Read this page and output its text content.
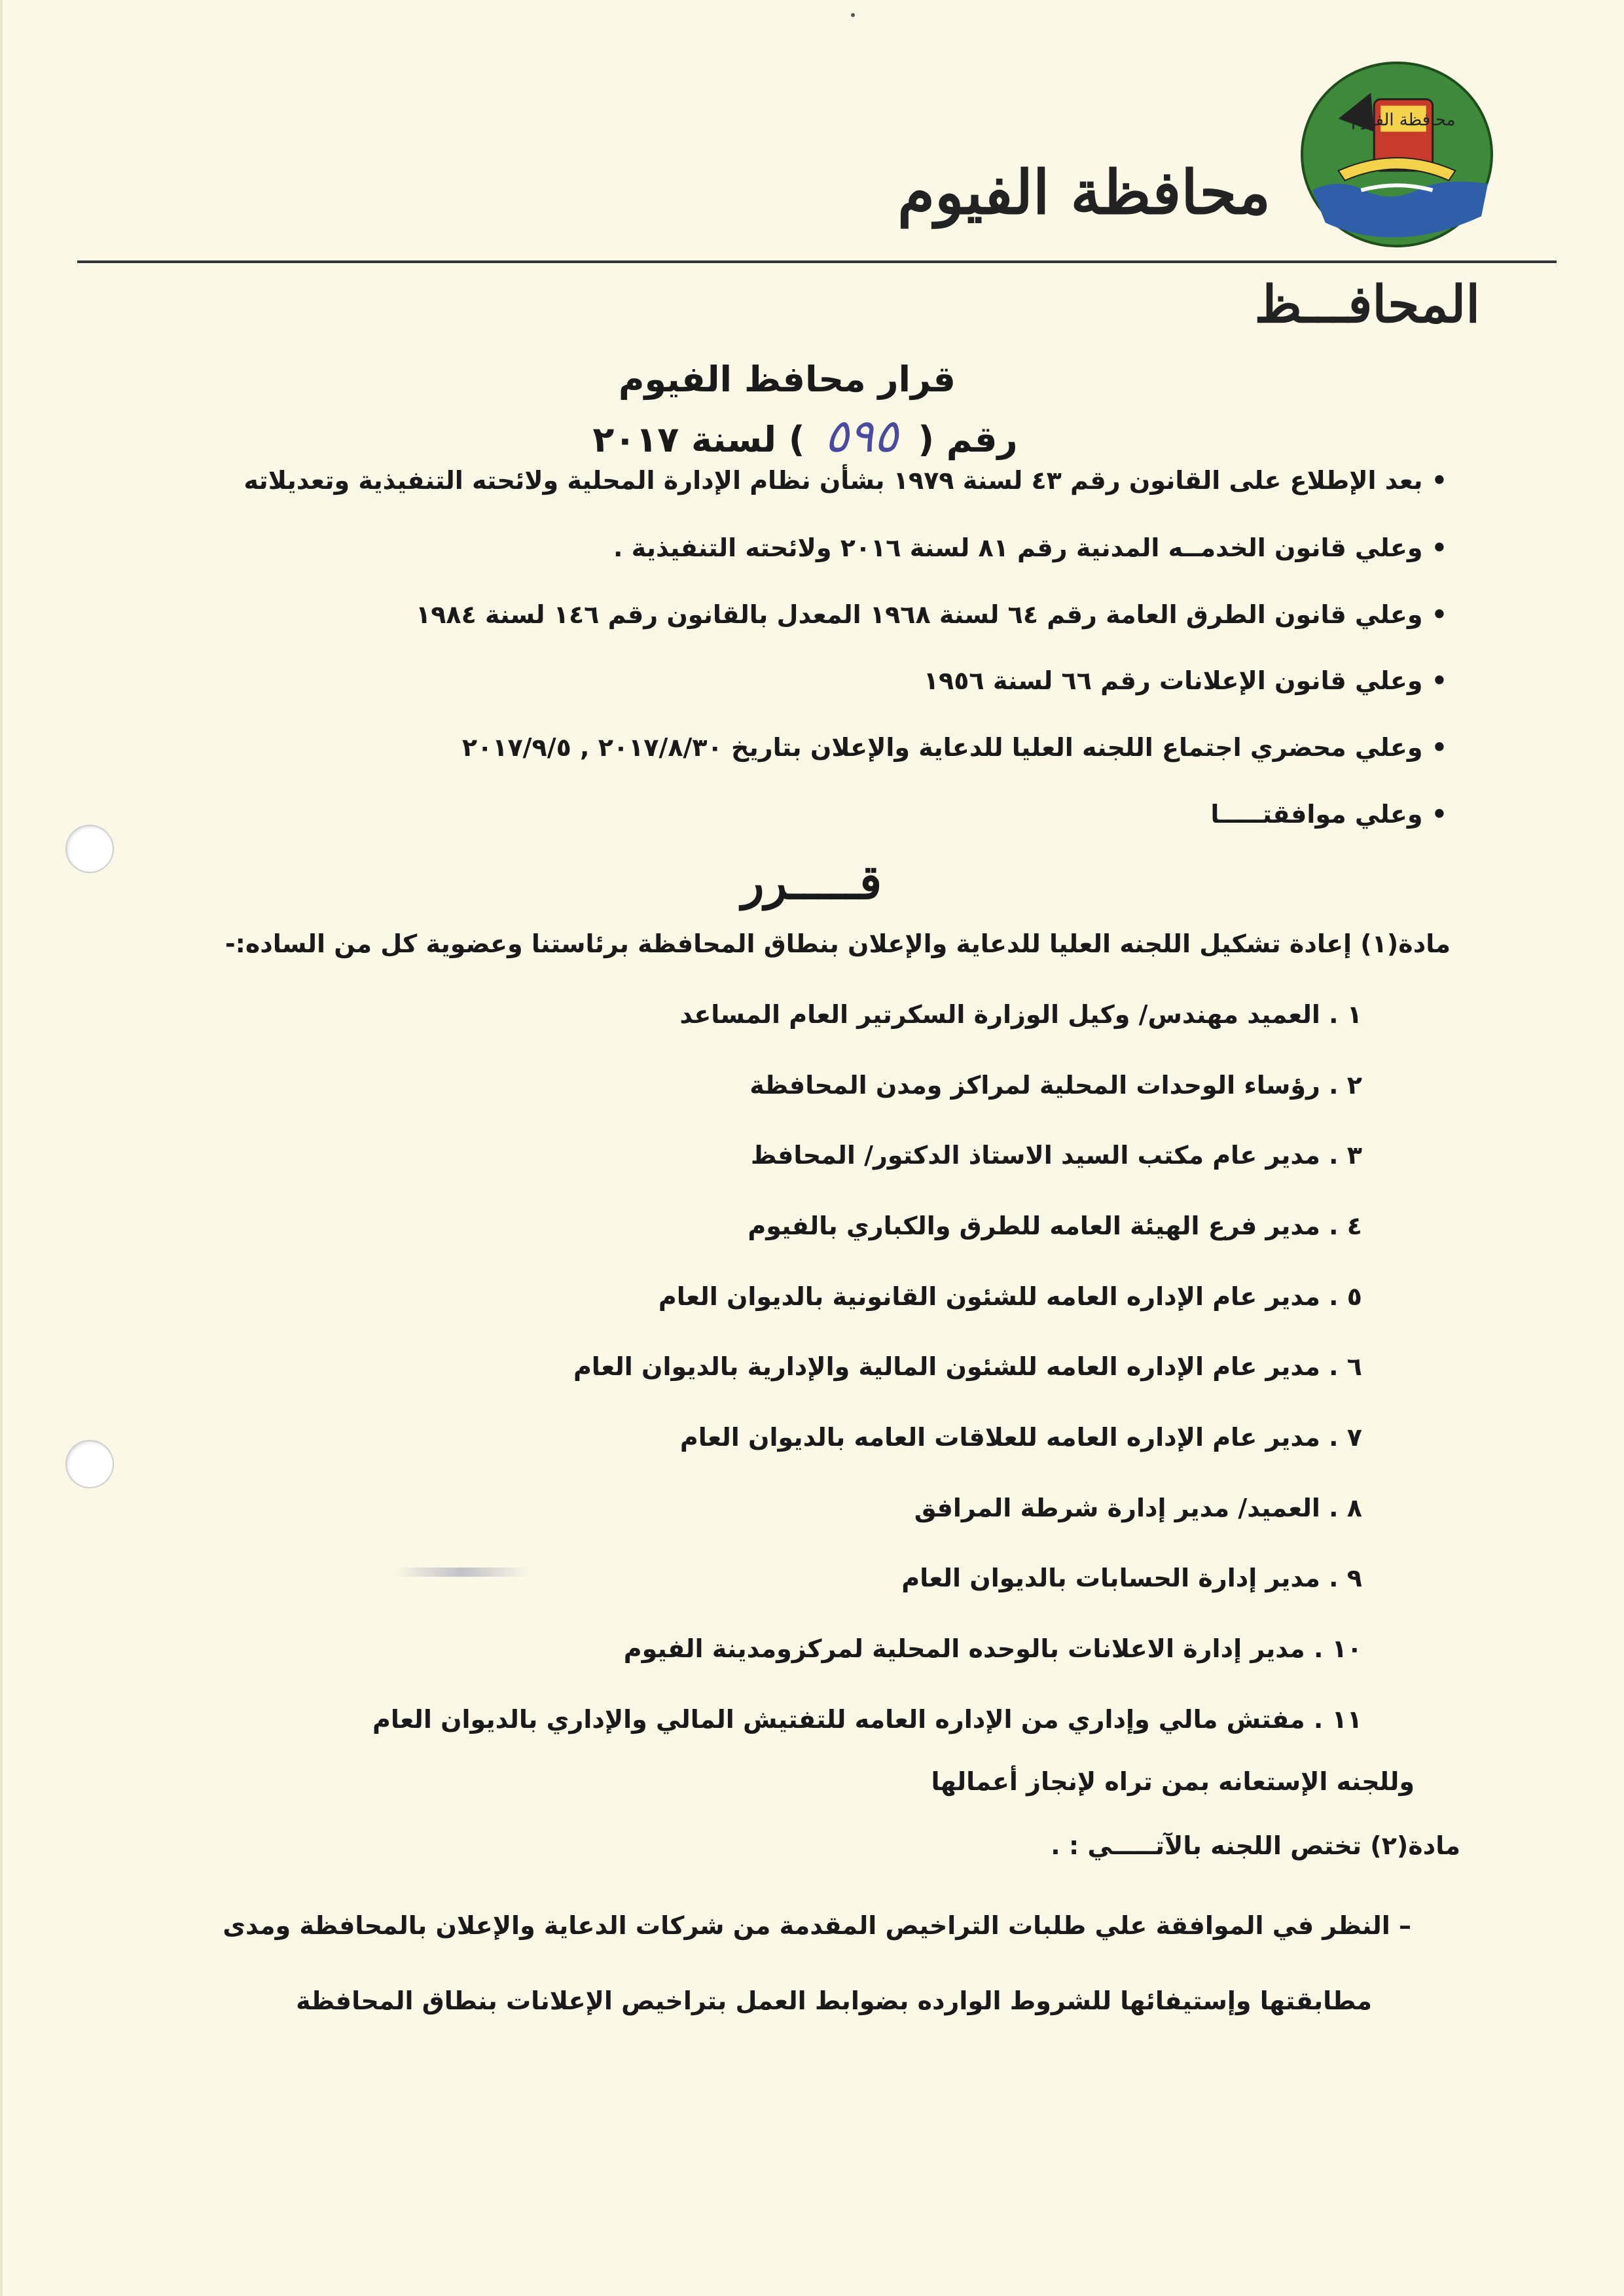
محافظة الفيوم
محافظة الفيوم
المحافـــظ
قرار محافظ الفيوم
رقم (٥٩٥) لسنة ٢٠١٧
• بعد الإطلاع على القانون رقم ٤٣ لسنة ١٩٧٩ بشأن نظام الإدارة المحلية ولائحته التنفيذية وتعديلاته
• وعلي قانون الخدمــه المدنية رقم ٨١ لسنة ٢٠١٦ ولائحته التنفيذية .
• وعلي قانون الطرق العامة رقم ٦٤ لسنة ١٩٦٨ المعدل بالقانون رقم ١٤٦ لسنة ١٩٨٤
• وعلي قانون الإعلانات رقم ٦٦ لسنة ١٩٥٦
• وعلي محضري اجتماع اللجنه العليا للدعاية والإعلان بتاريخ ٢٠١٧/٨/٣٠ , ٢٠١٧/٩/٥
• وعلي موافقتـــــا
قـــــرر
مادة(١) إعادة تشكيل اللجنه العليا للدعاية والإعلان بنطاق المحافظة برئاستنا وعضوية كل من الساده:-
١ . العميد مهندس/ وكيل الوزارة السكرتير العام المساعد
٢ . رؤساء الوحدات المحلية لمراكز ومدن المحافظة
٣ . مدير عام مكتب السيد الاستاذ الدكتور/ المحافظ
٤ . مدير فرع الهيئة العامه للطرق والكباري بالفيوم
٥ . مدير عام الإداره العامه للشئون القانونية بالديوان العام
٦ . مدير عام الإداره العامه للشئون المالية والإدارية بالديوان العام
٧ . مدير عام الإداره العامه للعلاقات العامه بالديوان العام
٨ . العميد/ مدير إدارة شرطة المرافق
٩ . مدير إدارة الحسابات بالديوان العام
١٠ . مدير إدارة الاعلانات بالوحده المحلية لمركزومدينة الفيوم
١١ . مفتش مالي وإداري من الإداره العامه للتفتيش المالي والإداري بالديوان العام
وللجنه الإستعانه بمن تراه لإنجاز أعمالها
مادة(٢) تختص اللجنه بالآتـــــي : .
– النظر في الموافقة علي طلبات التراخيص المقدمة من شركات الدعاية والإعلان بالمحافظة ومدى
مطابقتها وإستيفائها للشروط الوارده بضوابط العمل بتراخيص الإعلانات بنطاق المحافظة
